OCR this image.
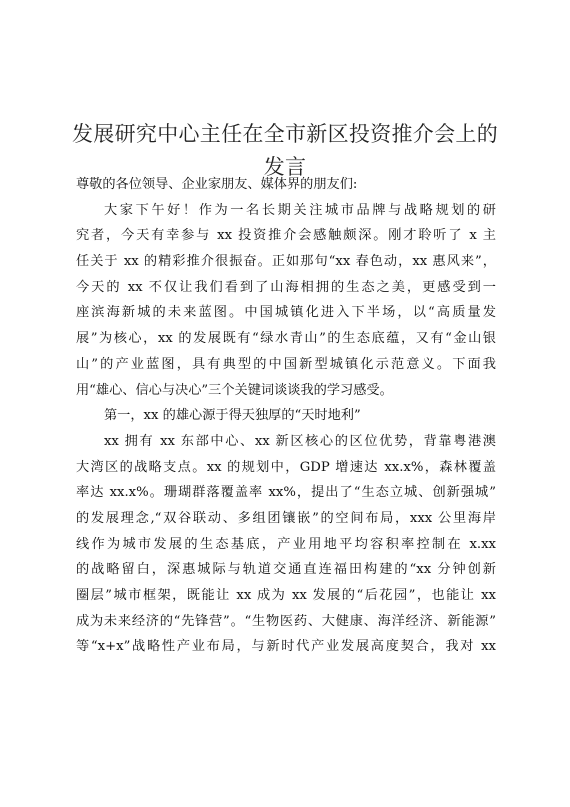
发展研究中心主任在全市新区投资推介会上的
发言
尊敬的各位领导、企业家朋友、媒体界的朋友们:
大家下午好！作为一名长期关注城市品牌与战略规划的研
究者，今天有幸参与 xx 投资推介会感触颇深。刚才聆听了 x 主
任关于 xx 的精彩推介很振奋。正如那句“xx 春色动，xx 惠风来”，
今天的 xx 不仅让我们看到了山海相拥的生态之美，更感受到一
座滨海新城的未来蓝图。中国城镇化进入下半场，以“高质量发
展”为核心，xx 的发展既有“绿水青山”的生态底蕴，又有“金山银
山”的产业蓝图，具有典型的中国新型城镇化示范意义。下面我
用“雄心、信心与决心”三个关键词谈谈我的学习感受。
第一，xx 的雄心源于得天独厚的“天时地利”
xx 拥有 xx 东部中心、xx 新区核心的区位优势，背靠粤港澳
大湾区的战略支点。xx 的规划中，GDP 增速达 xx.x%，森林覆盖
率达 xx.x%。珊瑚群落覆盖率 xx%，提出了“生态立城、创新强城”
的发展理念,“双谷联动、多组团镶嵌”的空间布局，xxx 公里海岸
线作为城市发展的生态基底，产业用地平均容积率控制在 x.xx
的战略留白，深惠城际与轨道交通直连福田构建的“xx 分钟创新
圈层”城市框架，既能让 xx 成为 xx 发展的“后花园”，也能让 xx
成为未来经济的“先锋营”。“生物医药、大健康、海洋经济、新能源”
等“x+x”战略性产业布局，与新时代产业发展高度契合，我对 xx
